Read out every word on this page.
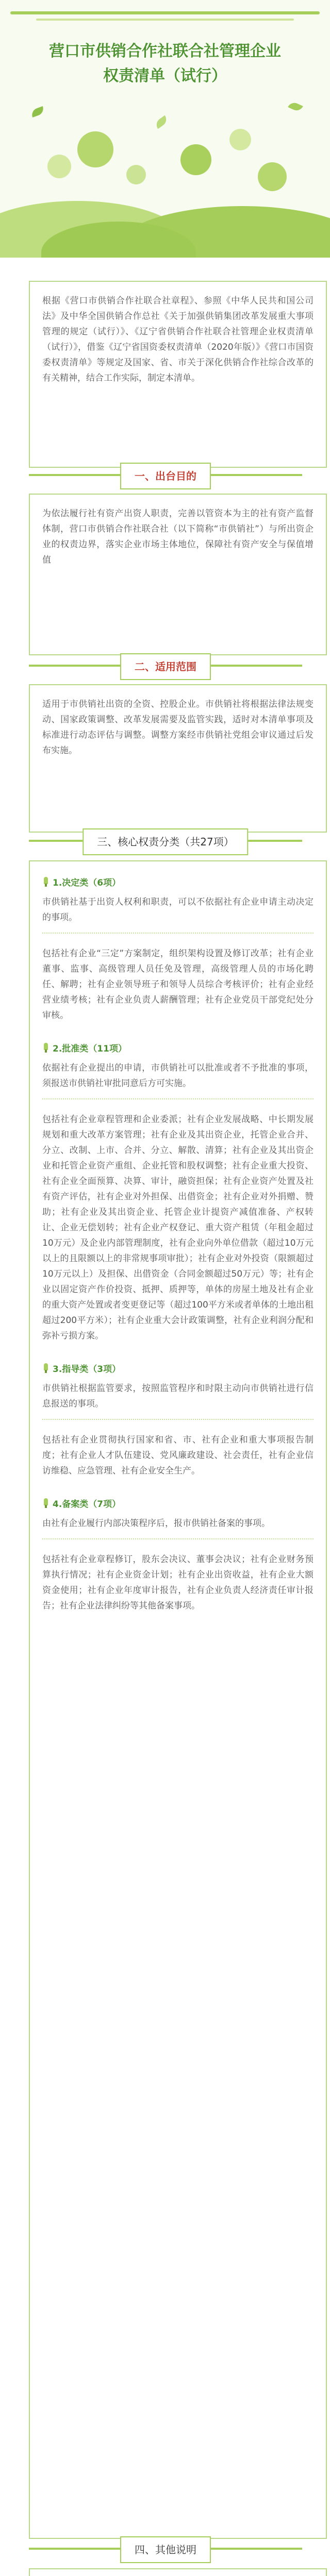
营口市供销合作社联合社管理企业
权责清单（试行）

根据《营口市供销合作社联合社章程》、参照《中华人民共和国公司法》及中华全国供销合作总社《关于加强供销集团改革发展重大事项管理的规定（试行）》、《辽宁省供销合作社联合社管理企业权责清单（试行）》，借鉴《辽宁省国资委权责清单（2020年版）》《营口市国资委权责清单》等规定及国家、省、市关于深化供销合作社综合改革的有关精神，结合工作实际，制定本清单。

一、出台目的

为依法履行社有资产出资人职责，完善以管资本为主的社有资产监督体制，营口市供销合作社联合社（以下简称“市供销社”）与所出资企业的权责边界，落实企业市场主体地位，保障社有资产安全与保值增值

二、适用范围

适用于市供销社出资的全资、控股企业。市供销社将根据法律法规变动、国家政策调整、改革发展需要及监管实践，适时对本清单事项及标准进行动态评估与调整。调整方案经市供销社党组会审议通过后发布实施。

三、核心权责分类（共27项）
1.决定类（6项）

市供销社基于出资人权利和职责，可以不依据社有企业申请主动决定的事项。

包括社有企业“三定”方案制定，组织架构设置及修订改革；社有企业董事、监事、高级管理人员任免及管理，高级管理人员的市场化聘任、解聘；社有企业领导班子和领导人员综合考核评价；社有企业经营业绩考核；社有企业负责人薪酬管理；社有企业党员干部党纪处分审核。

2.批准类（11项）

依据社有企业提出的申请，市供销社可以批准或者不予批准的事项，须报送市供销社审批同意后方可实施。

包括社有企业章程管理和企业委派；社有企业发展战略、中长期发展规划和重大改革方案管理；社有企业及其出资企业，托管企业合并、分立、改制、上市、合并、分立、解散、清算；社有企业及其出资企业和托管企业资产重组、企业托管和股权调整；社有企业重大投资、社有企业全面预算、决算、审计，融资担保；社有企业资产处置及社有资产评估，社有企业对外担保、出借资金；社有企业对外捐赠、赞助；社有企业及其出资企业、托管企业计提资产减值准备、产权转让、企业无偿划转；社有企业产权登记、重大资产租赁（年租金超过10万元）及企业内部管理制度，社有企业向外单位借款（超过10万元以上的且限额以上的非常规事项审批）；社有企业对外投资（限额超过10万元以上）及担保、出借资金（合同金额超过50万元）等；社有企业以固定资产作价投资、抵押、质押等，单体的房屋土地及社有企业的重大资产处置或者变更登记等（超过100平方米或者单体的土地出租超过200平方米）；社有企业重大会计政策调整，社有企业利润分配和弥补亏损方案。

3.指导类（3项）

市供销社根据监管要求，按照监管程序和时限主动向市供销社进行信息报送的事项。

包括社有企业贯彻执行国家和省、市、社有企业和重大事项报告制度；社有企业人才队伍建设、党风廉政建设、社会责任，社有企业信访维稳、应急管理、社有企业安全生产。

4.备案类（7项）

由社有企业履行内部决策程序后，报市供销社备案的事项。

包括社有企业章程修订，股东会决议、董事会决议；社有企业财务预算执行情况；社有企业资金计划；社有企业出资收益，社有企业大额资金使用；社有企业年度审计报告，社有企业负责人经济责任审计报告；社有企业法律纠纷等其他备案事项。

四、其他说明
